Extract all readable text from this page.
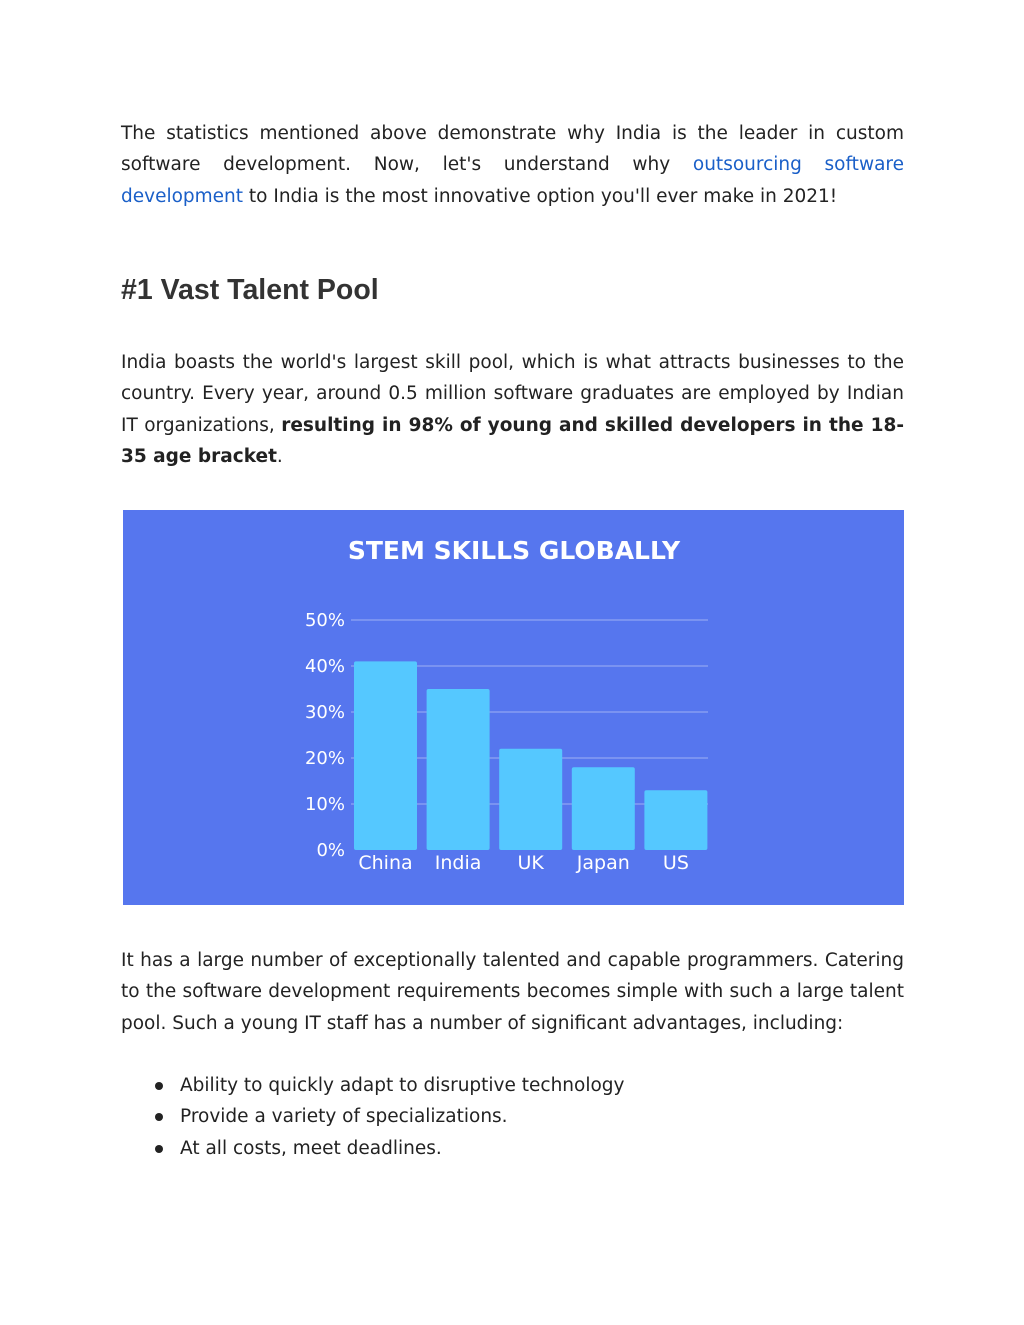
The statistics mentioned above demonstrate why India is the leader in custom software development. Now, let's understand why outsourcing software development to India is the most innovative option you'll ever make in 2021!

#1 Vast Talent Pool

India boasts the world's largest skill pool, which is what attracts businesses to the country. Every year, around 0.5 million software graduates are employed by Indian IT organizations, resulting in 98% of young and skilled developers in the 18-35 age bracket.

STEM SKILLS GLOBALLY
0%
10%
20%
30%
40%
50%
China India UK Japan US

It has a large number of exceptionally talented and capable programmers. Catering to the software development requirements becomes simple with such a large talent pool. Such a young IT staff has a number of significant advantages, including:

Ability to quickly adapt to disruptive technology
Provide a variety of specializations.
At all costs, meet deadlines.
